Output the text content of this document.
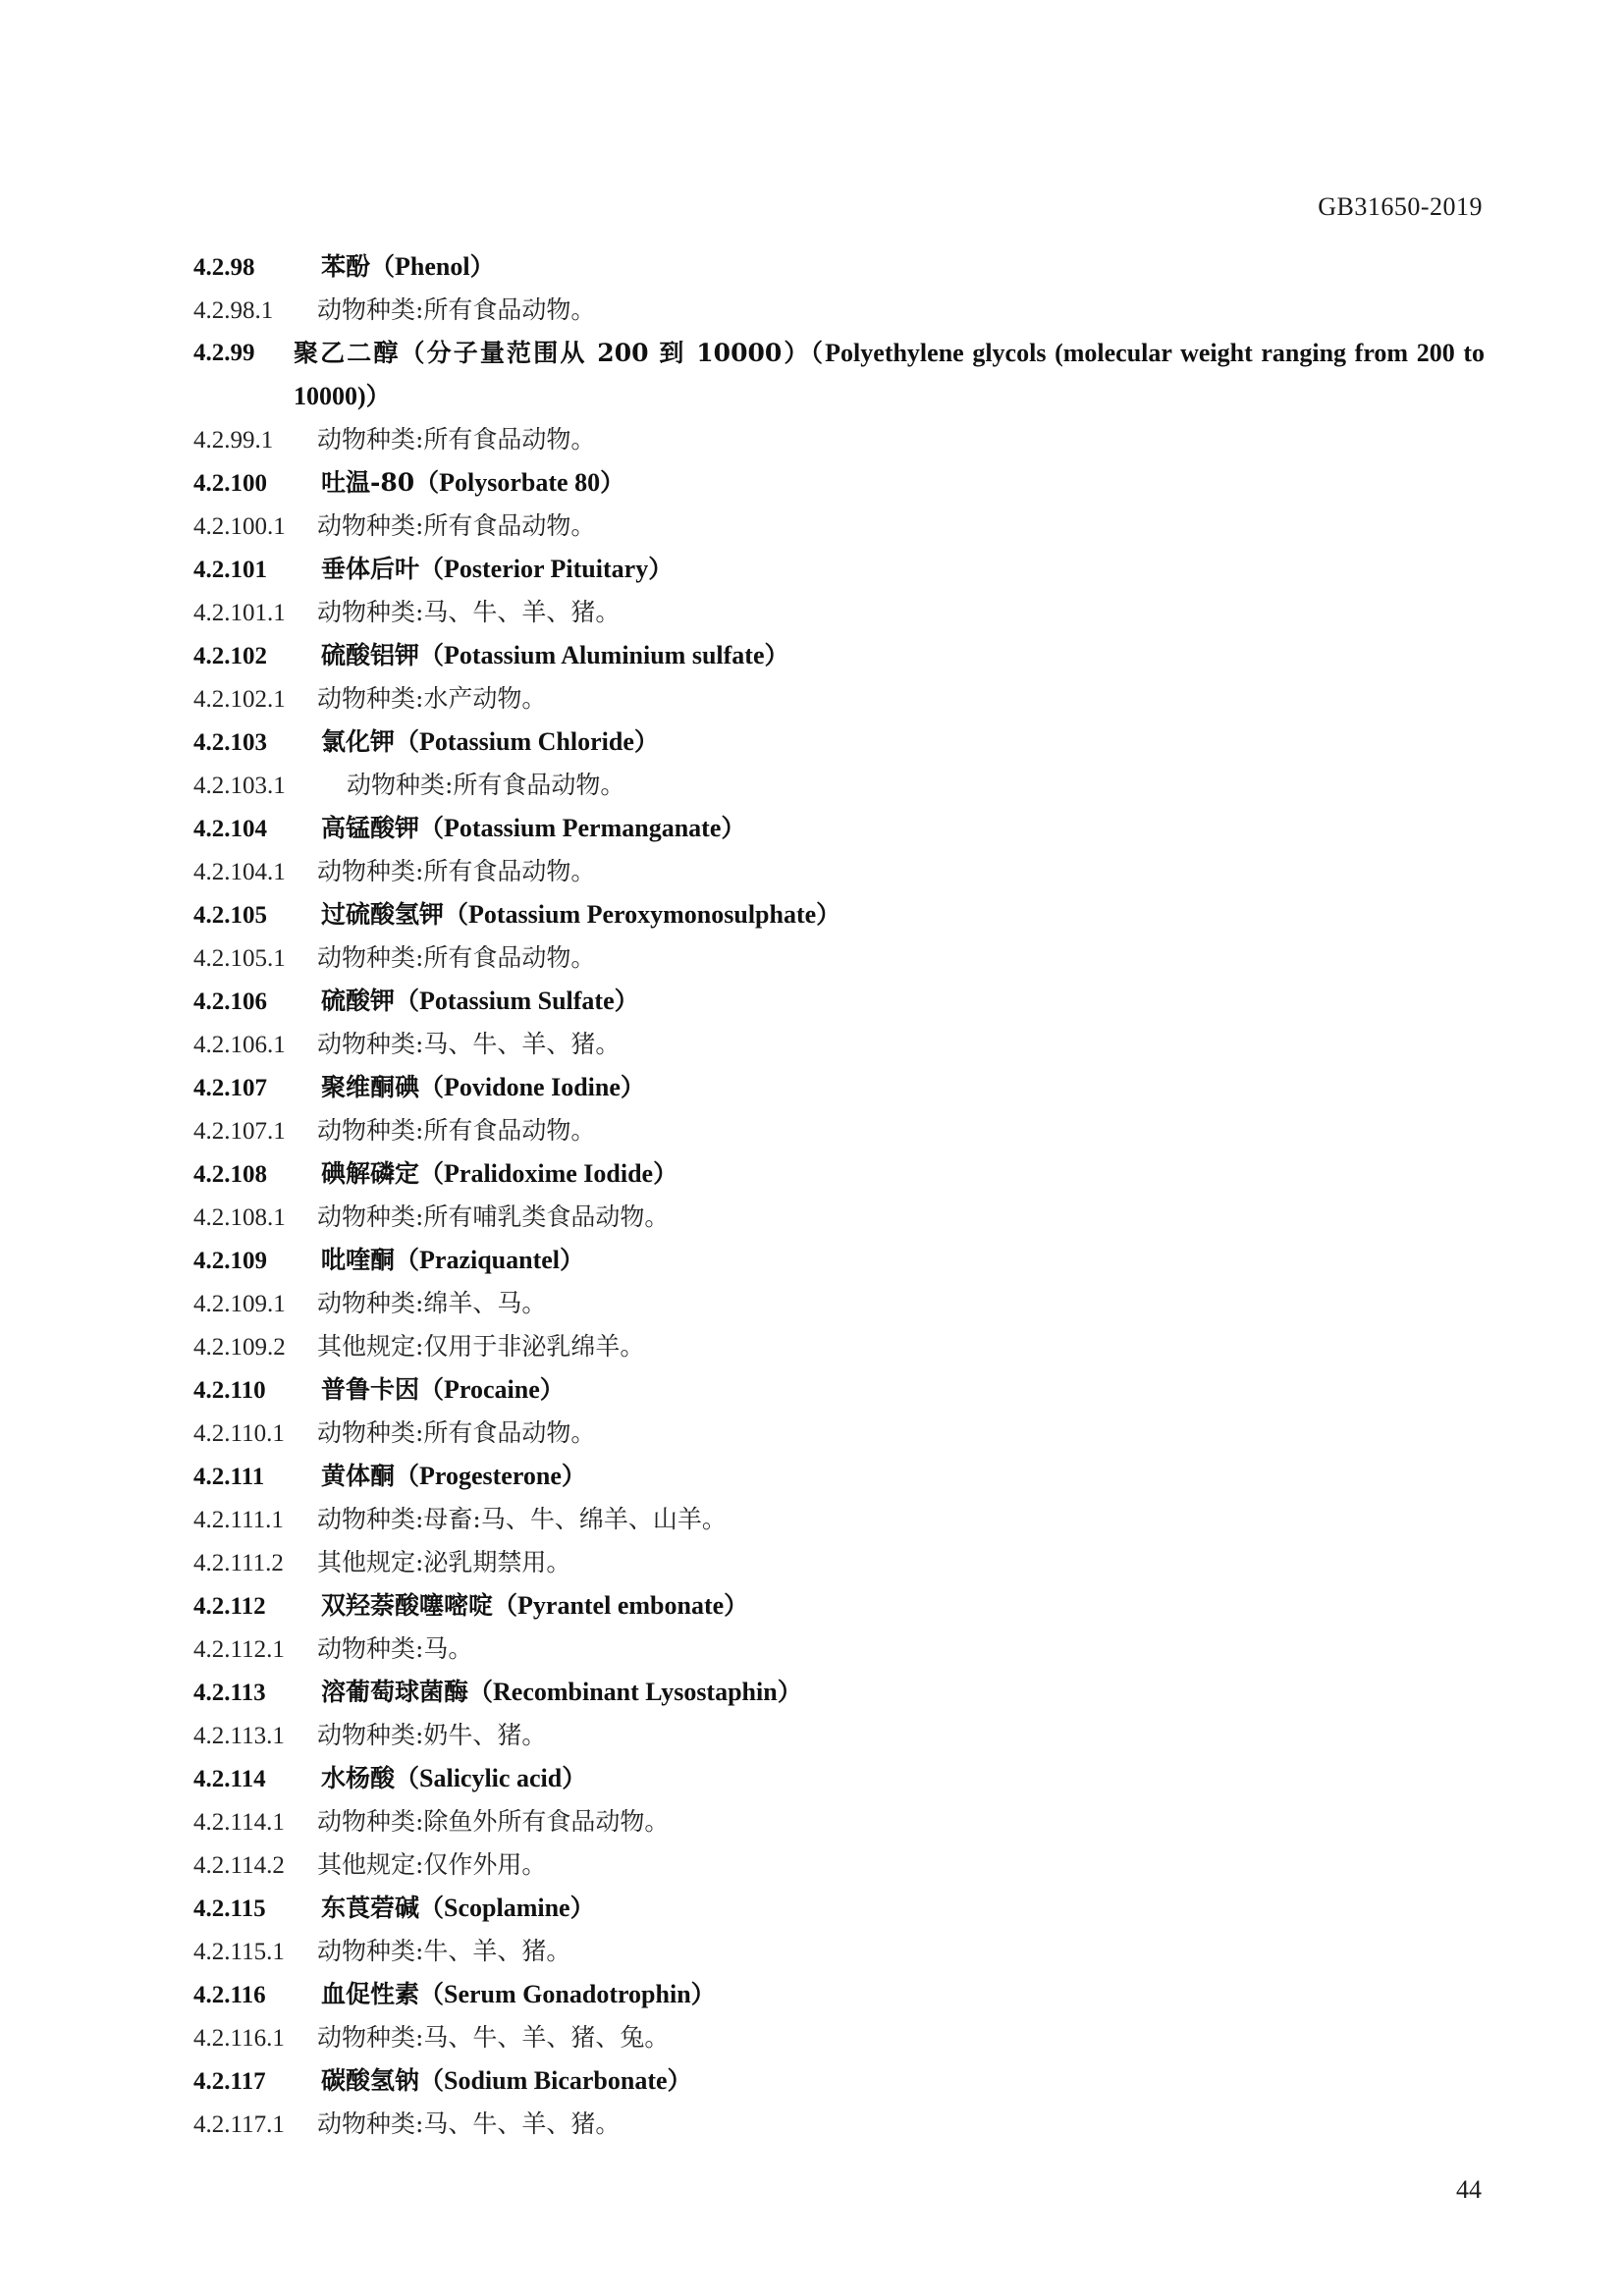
GB31650-2019
4.2.98	苯酚（Phenol）
4.2.98.1	动物种类:所有食品动物。
4.2.99	聚乙二醇（分子量范围从 200 到 10000）（Polyethylene glycols (molecular weight ranging from 200 to 10000)）
4.2.99.1	动物种类:所有食品动物。
4.2.100	吐温-80（Polysorbate 80）
4.2.100.1	动物种类:所有食品动物。
4.2.101	垂体后叶（Posterior Pituitary）
4.2.101.1	动物种类:马、牛、羊、猪。
4.2.102	硫酸铝钾（Potassium Aluminium sulfate）
4.2.102.1	动物种类:水产动物。
4.2.103	氯化钾（Potassium Chloride）
4.2.103.1	动物种类:所有食品动物。
4.2.104	高锰酸钾（Potassium Permanganate）
4.2.104.1	动物种类:所有食品动物。
4.2.105	过硫酸氢钾（Potassium Peroxymonosulphate）
4.2.105.1	动物种类:所有食品动物。
4.2.106	硫酸钾（Potassium Sulfate）
4.2.106.1	动物种类:马、牛、羊、猪。
4.2.107	聚维酮碘（Povidone Iodine）
4.2.107.1	动物种类:所有食品动物。
4.2.108	碘解磷定（Pralidoxime Iodide）
4.2.108.1	动物种类:所有哺乳类食品动物。
4.2.109	吡喹酮（Praziquantel）
4.2.109.1	动物种类:绵羊、马。
4.2.109.2	其他规定:仅用于非泌乳绵羊。
4.2.110	普鲁卡因（Procaine）
4.2.110.1	动物种类:所有食品动物。
4.2.111	黄体酮（Progesterone）
4.2.111.1	动物种类:母畜:马、牛、绵羊、山羊。
4.2.111.2	其他规定:泌乳期禁用。
4.2.112	双羟萘酸噻嘧啶（Pyrantel embonate）
4.2.112.1	动物种类:马。
4.2.113	溶葡萄球菌酶（Recombinant Lysostaphin）
4.2.113.1	动物种类:奶牛、猪。
4.2.114	水杨酸（Salicylic acid）
4.2.114.1	动物种类:除鱼外所有食品动物。
4.2.114.2	其他规定:仅作外用。
4.2.115	东莨菪碱（Scoplamine）
4.2.115.1	动物种类:牛、羊、猪。
4.2.116	血促性素（Serum Gonadotrophin）
4.2.116.1	动物种类:马、牛、羊、猪、兔。
4.2.117	碳酸氢钠（Sodium Bicarbonate）
4.2.117.1	动物种类:马、牛、羊、猪。
44
